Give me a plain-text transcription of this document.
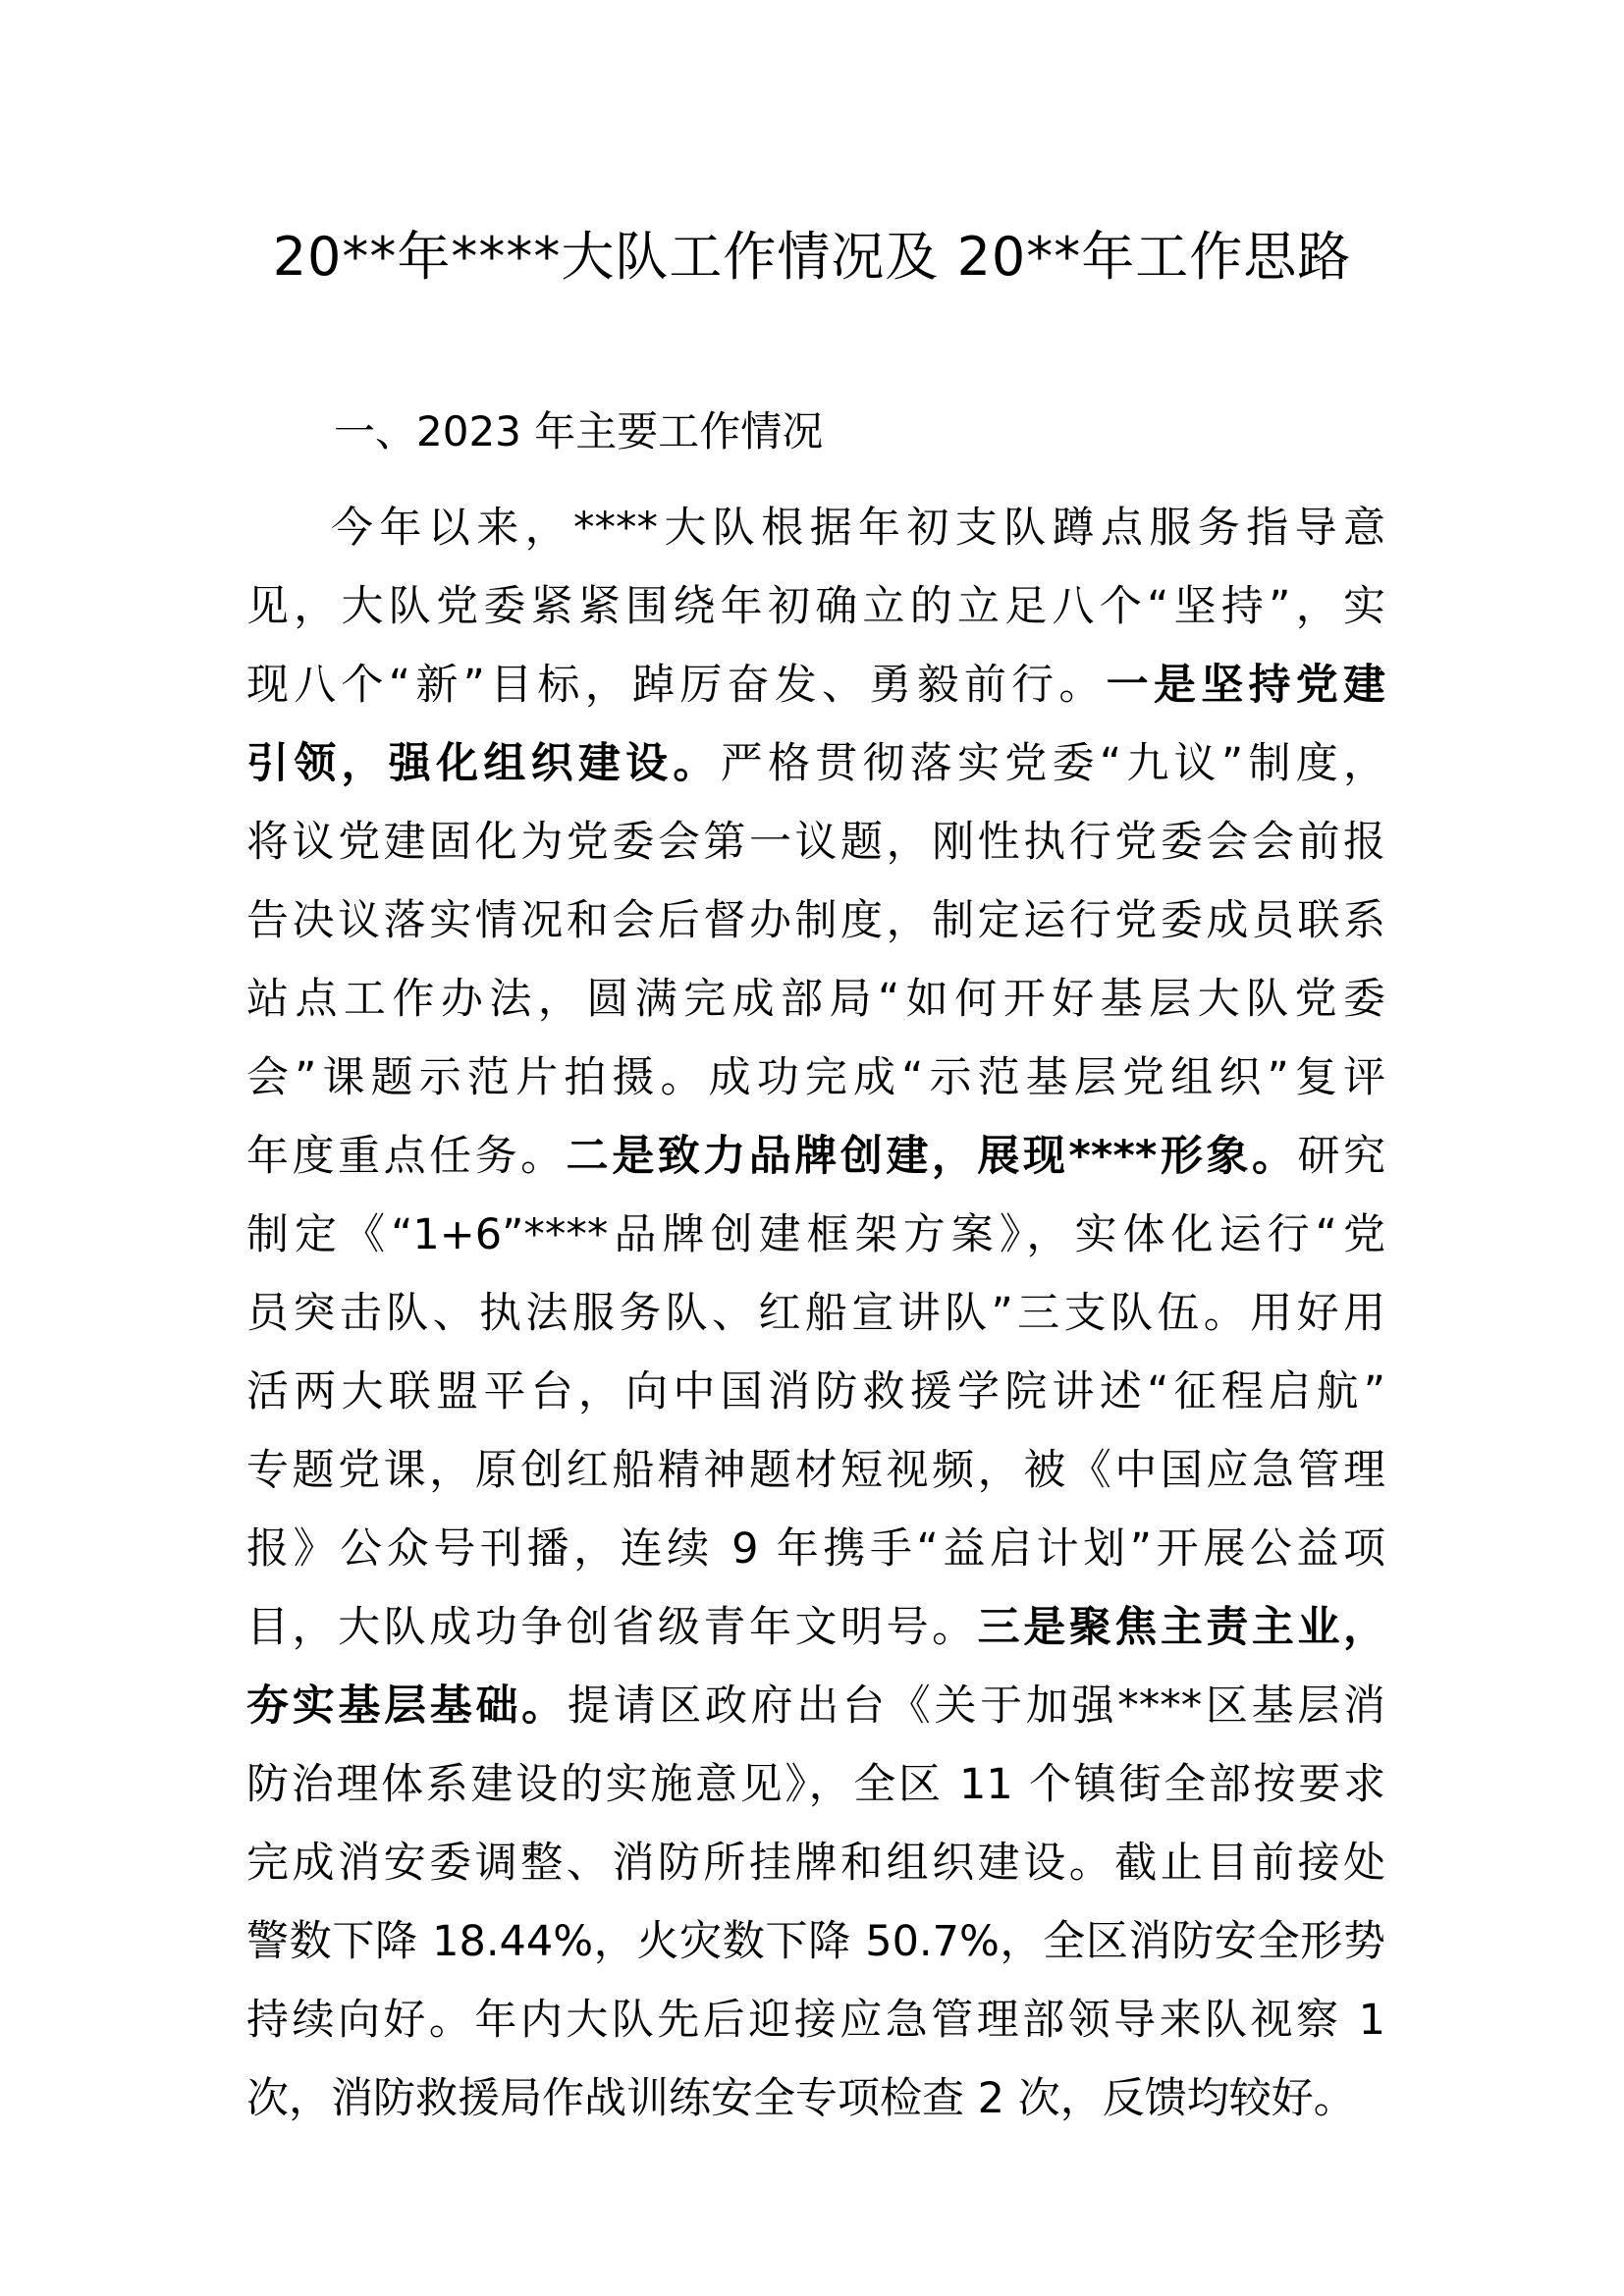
20**年****大队工作情况及 20**年工作思路
一、2023 年主要工作情况
今年以来，****大队根据年初支队蹲点服务指导意
见，大队党委紧紧围绕年初确立的立足八个“坚持”，实
现八个“新”目标，踔厉奋发、勇毅前行。一是坚持党建
引领，强化组织建设。严格贯彻落实党委“九议”制度，
将议党建固化为党委会第一议题，刚性执行党委会会前报
告决议落实情况和会后督办制度，制定运行党委成员联系
站点工作办法，圆满完成部局“如何开好基层大队党委
会”课题示范片拍摄。成功完成“示范基层党组织”复评
年度重点任务。二是致力品牌创建，展现****形象。研究
制定《“1+6”****品牌创建框架方案》，实体化运行“党
员突击队、执法服务队、红船宣讲队”三支队伍。用好用
活两大联盟平台，向中国消防救援学院讲述“征程启航”
专题党课，原创红船精神题材短视频，被《中国应急管理
报》公众号刊播，连续 9 年携手“益启计划”开展公益项
目，大队成功争创省级青年文明号。三是聚焦主责主业，
夯实基层基础。提请区政府出台《关于加强****区基层消
防治理体系建设的实施意见》，全区 11 个镇街全部按要求
完成消安委调整、消防所挂牌和组织建设。截止目前接处
警数下降 18.44%，火灾数下降 50.7%，全区消防安全形势
持续向好。年内大队先后迎接应急管理部领导来队视察 1
次，消防救援局作战训练安全专项检查 2 次，反馈均较好。
